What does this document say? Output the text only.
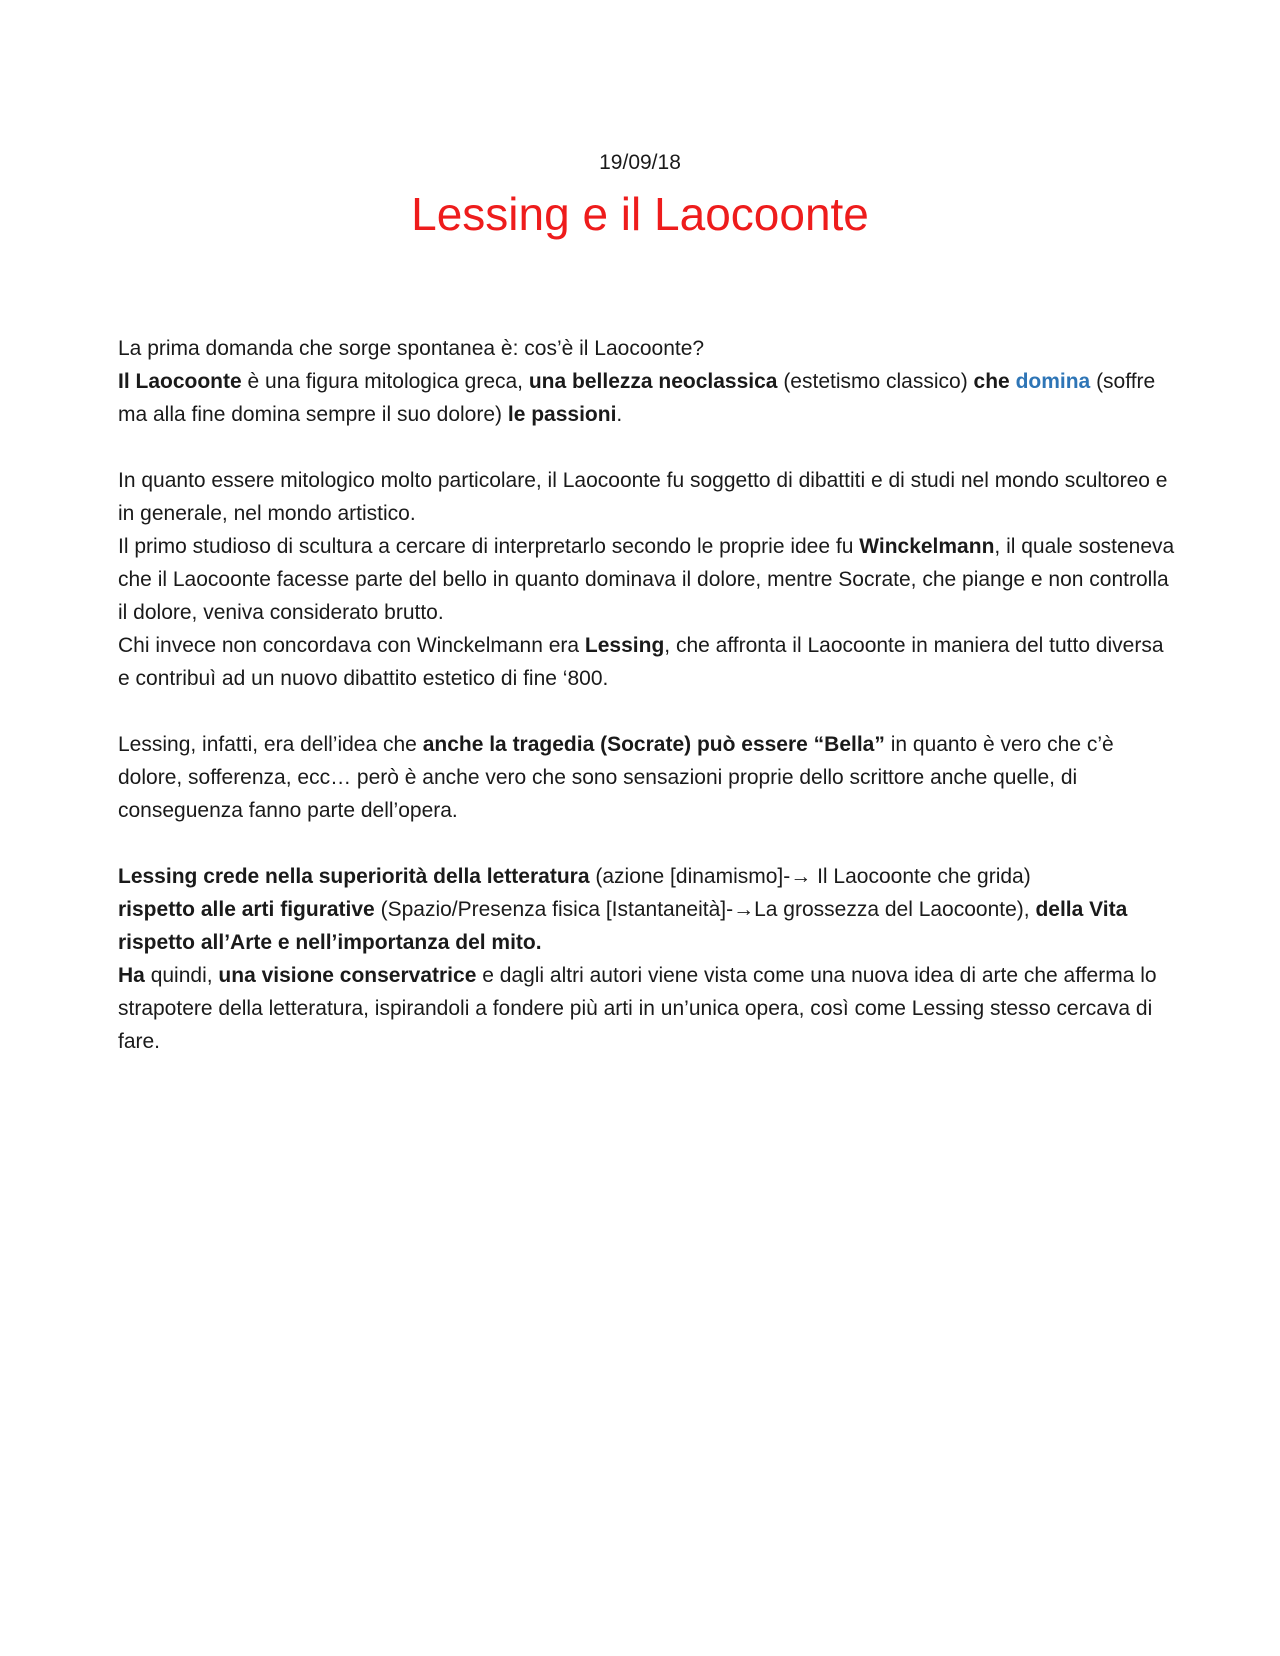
19/09/18
Lessing e il Laocoonte

La prima domanda che sorge spontanea è: cos’è il Laocoonte?

Il Laocoonte è una figura mitologica greca, una bellezza neoclassica (estetismo classico) che domina (soffre ma alla fine domina sempre il suo dolore) le passioni.

In quanto essere mitologico molto particolare, il Laocoonte fu soggetto di dibattiti e di studi nel mondo scultoreo e in generale, nel mondo artistico.

Il primo studioso di scultura a cercare di interpretarlo secondo le proprie idee fu Winckelmann, il quale sosteneva che il Laocoonte facesse parte del bello in quanto dominava il dolore, mentre Socrate, che piange e non controlla il dolore, veniva considerato brutto.

Chi invece non concordava con Winckelmann era Lessing, che affronta il Laocoonte in maniera del tutto diversa e contribuì ad un nuovo dibattito estetico di fine ‘800.

Lessing, infatti, era dell’idea che anche la tragedia (Socrate) può essere “Bella” in quanto è vero che c’è dolore, sofferenza, ecc… però è anche vero che sono sensazioni proprie dello scrittore anche quelle, di conseguenza fanno parte dell’opera.

Lessing crede nella superiorità della letteratura (azione [dinamismo]-→ Il Laocoonte che grida)

rispetto alle arti figurative (Spazio/Presenza fisica [Istantaneità]-→La grossezza del Laocoonte), della Vita rispetto all’Arte e nell’importanza del mito.

Ha quindi, una visione conservatrice e dagli altri autori viene vista come una nuova idea di arte che afferma lo strapotere della letteratura, ispirandoli a fondere più arti in un’unica opera, così come Lessing stesso cercava di fare.
